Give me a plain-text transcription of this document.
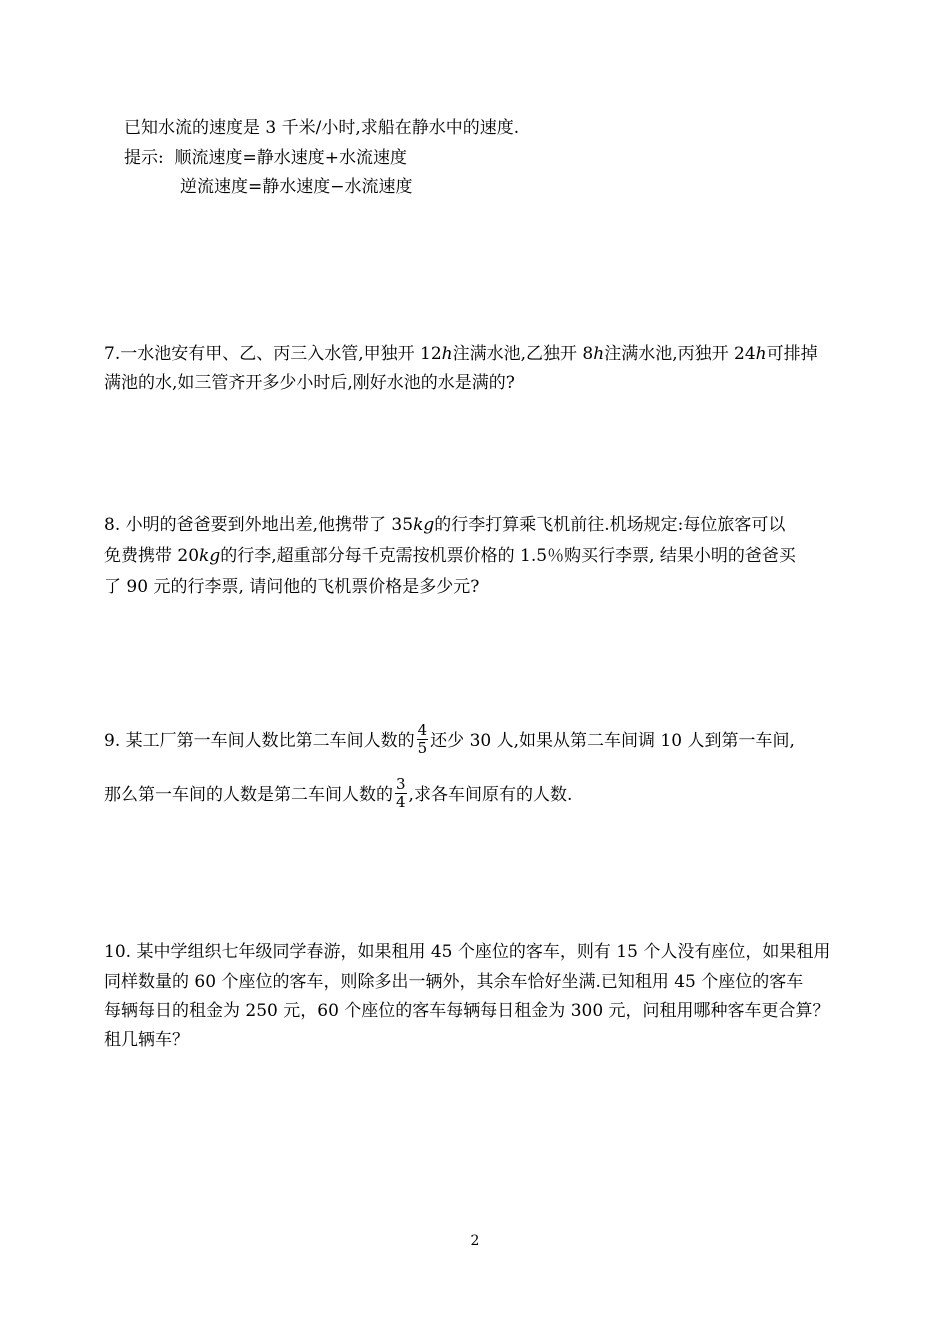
已知水流的速度是 3 千米/小时,求船在静水中的速度.
提示: 顺流速度=静水速度+水流速度
逆流速度=静水速度−水流速度
7.一水池安有甲、乙、丙三入水管,甲独开 12h注满水池,乙独开 8h注满水池,丙独开 24h可排掉
满池的水,如三管齐开多少小时后,刚好水池的水是满的?
8. 小明的爸爸要到外地出差,他携带了 35kg的行李打算乘飞机前往.机场规定:每位旅客可以
免费携带 20kg的行李,超重部分每千克需按机票价格的 1.5％购买行李票, 结果小明的爸爸买
了 90 元的行李票, 请问他的飞机票价格是多少元?
9. 某工厂第一车间人数比第二车间人数的 $\frac{4}{5}$ 还少 30 人,如果从第二车间调 10 人到第一车间,
那么第一车间的人数是第二车间人数的 $\frac{3}{4}$ ,求各车间原有的人数.
10. 某中学组织七年级同学春游，如果租用 45 个座位的客车，则有 15 个人没有座位，如果租用
同样数量的 60 个座位的客车，则除多出一辆外，其余车恰好坐满.已知租用 45 个座位的客车
每辆每日的租金为 250 元，60 个座位的客车每辆每日租金为 300 元，问租用哪种客车更合算？
租几辆车？
2
